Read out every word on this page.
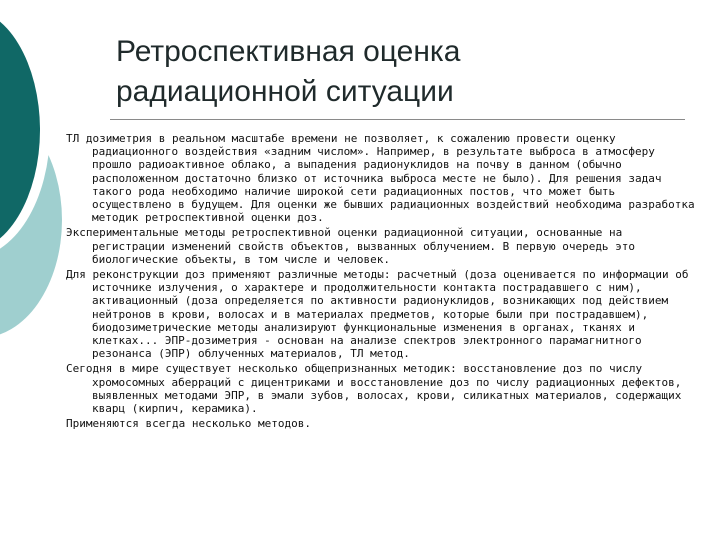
Ретроспективная оценка
радиационной ситуации

ТЛ дозиметрия в реальном масштабе времени не позволяет, к сожалению провести оценку радиационного воздействия «задним числом». Например, в результате выброса в атмосферу прошло радиоактивное облако, а выпадения радионуклидов на почву в данном (обычно расположенном достаточно близко от источника выброса месте не было). Для решения задач такого рода необходимо наличие широкой сети радиационных постов, что может быть осуществлено в будущем. Для оценки же бывших радиационных воздействий необходима разработка методик ретроспективной оценки доз.

Экспериментальные методы ретроспективной оценки радиационной ситуации, основанные на регистрации изменений свойств объектов, вызванных облучением. В первую очередь это биологические объекты, в том числе и человек.

Для реконструкции доз применяют различные методы: расчетный (доза оценивается по информации об источнике излучения, о характере и продолжительности контакта пострадавшего с ним), активационный (доза определяется по активности радионуклидов, возникающих под действием нейтронов в крови, волосах и в материалах предметов, которые были при пострадавшем), биодозиметрические методы анализируют функциональные изменения в органах, тканях и клетках... ЭПР-дозиметрия - основан на анализе спектров электронного парамагнитного резонанса (ЭПР) облученных материалов, ТЛ метод.

Сегодня в мире существует несколько общепризнанных методик: восстановление доз по числу хромосомных аберраций с дицентриками и восстановление доз по числу радиационных дефектов, выявленных методами ЭПР, в эмали зубов, волосах, крови, силикатных материалов, содержащих кварц (кирпич, керамика).

Применяются всегда несколько методов.
